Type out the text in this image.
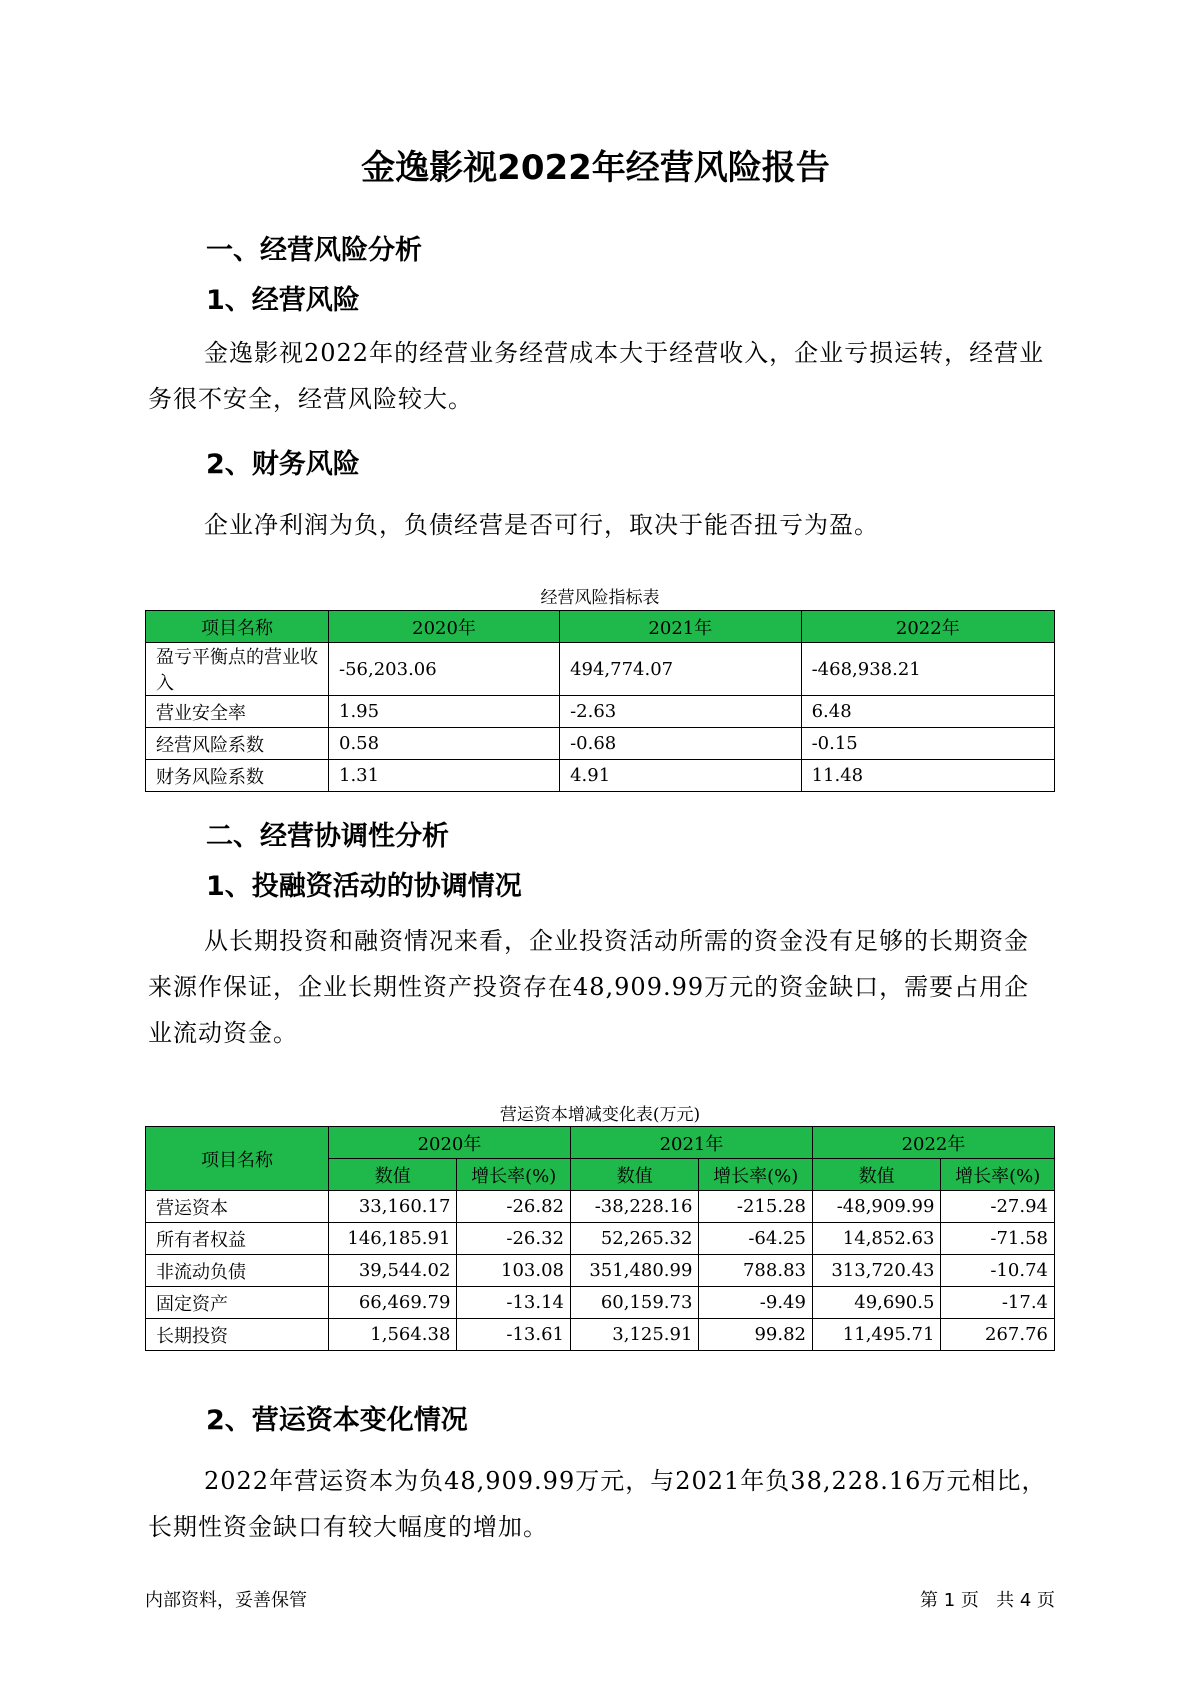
金逸影视2022年经营风险报告
一、经营风险分析
1、经营风险
金逸影视2022年的经营业务经营成本大于经营收入，企业亏损运转，经营业务很不安全，经营风险较大。
2、财务风险
企业净利润为负，负债经营是否可行，取决于能否扭亏为盈。
经营风险指标表
项目名称	2020年	2021年	2022年
盈亏平衡点的营业收入	-56,203.06	494,774.07	-468,938.21
营业安全率	1.95	-2.63	6.48
经营风险系数	0.58	-0.68	-0.15
财务风险系数	1.31	4.91	11.48
二、经营协调性分析
1、投融资活动的协调情况
从长期投资和融资情况来看，企业投资活动所需的资金没有足够的长期资金来源作保证，企业长期性资产投资存在48,909.99万元的资金缺口，需要占用企业流动资金。
营运资本增减变化表(万元)
项目名称	2020年		2021年		2022年	
	数值	增长率(%)	数值	增长率(%)	数值	增长率(%)
营运资本	33,160.17	-26.82	-38,228.16	-215.28	-48,909.99	-27.94
所有者权益	146,185.91	-26.32	52,265.32	-64.25	14,852.63	-71.58
非流动负债	39,544.02	103.08	351,480.99	788.83	313,720.43	-10.74
固定资产	66,469.79	-13.14	60,159.73	-9.49	49,690.5	-17.4
长期投资	1,564.38	-13.61	3,125.91	99.82	11,495.71	267.76
2、营运资本变化情况
2022年营运资本为负48,909.99万元，与2021年负38,228.16万元相比，长期性资金缺口有较大幅度的增加。
内部资料，妥善保管	第 1 页   共 4 页
